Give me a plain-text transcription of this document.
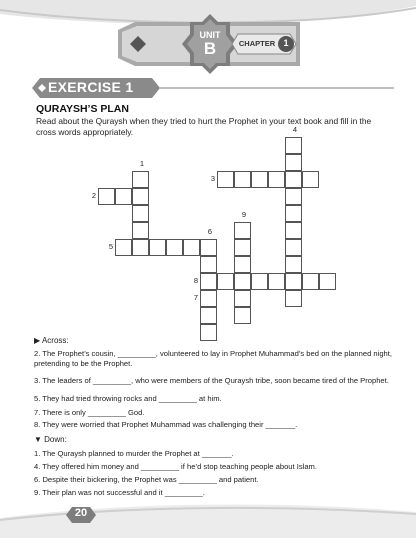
UNIT
B	CHAPTER 1
EXERCISE 1
QURAYSH’S PLAN
Read about the Quraysh when they tried to hurt the Prophet in your text book and fill in the cross words appropriately.
1
2
3
4
5
6
7
8
9
▶ Across:
2. The Prophet’s cousin, _________, volunteered to lay in Prophet Muhammad’s bed on the planned night, pretending to be the Prophet.
3. The leaders of _________, who were members of the Quraysh tribe, soon became tired of the Prophet.
5. They had tried throwing rocks and _________ at him.
7. There is only _________ God.
8. They were worried that Prophet Muhammad was challenging their _______.
▼ Down:
1. The Quraysh planned to murder the Prophet at _______.
4. They offered him money and _________ if he’d stop teaching people about Islam.
6. Despite their bickering, the Prophet was _________ and patient.
9. Their plan was not successful and it _________.
20
